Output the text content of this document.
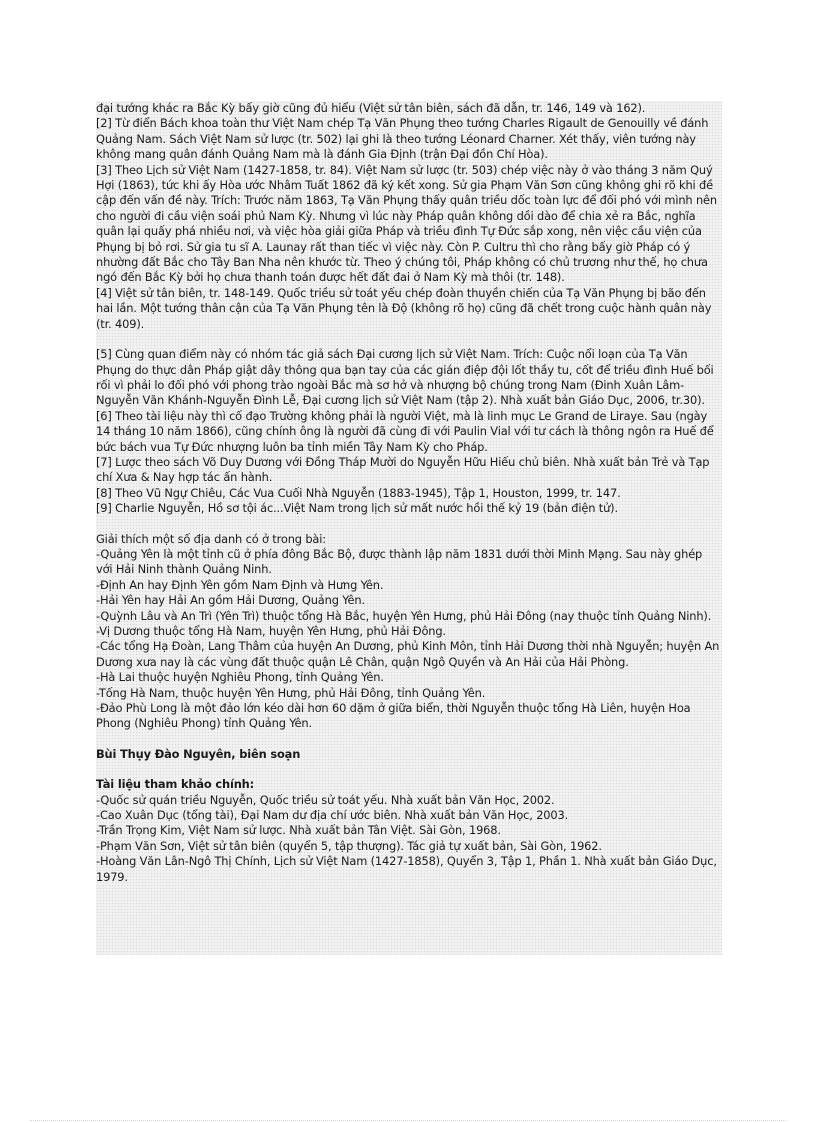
đại tướng khác ra Bắc Kỳ bấy giờ cũng đủ hiểu (Việt sử tân biên, sách đã dẫn, tr. 146, 149 và 162).

[2] Từ điển Bách khoa toàn thư Việt Nam chép Tạ Văn Phụng theo tướng Charles Rigault de Genouilly về đánh Quảng Nam. Sách Việt Nam sử lược (tr. 502) lại ghi là theo tướng Léonard Charner. Xét thấy, viên tướng này không mang quân đánh Quảng Nam mà là đánh Gia Định (trận Đại đồn Chí Hòa).

[3] Theo Lịch sử Việt Nam (1427-1858, tr. 84). Việt Nam sử lược (tr. 503) chép việc này ở vào tháng 3 năm Quý Hợi (1863), tức khi ấy Hòa ước Nhâm Tuất 1862 đã ký kết xong. Sử gia Phạm Văn Sơn cũng không ghi rõ khi đề cập đến vấn đề này. Trích: Trước năm 1863, Tạ Văn Phụng thấy quân triều dốc toàn lực để đối phó với mình nên cho người đi cầu viện soái phủ Nam Kỳ. Nhưng vì lúc này Pháp quân không dồi dào để chia xẻ ra Bắc, nghĩa quân lại quấy phá nhiều nơi, và việc hòa giải giữa Pháp và triều đình Tự Đức sắp xong, nên việc cầu viện của Phụng bị bỏ rơi. Sử gia tu sĩ A. Launay rất than tiếc vì việc này. Còn P. Cultru thì cho rằng bấy giờ Pháp có ý nhường đất Bắc cho Tây Ban Nha nên khước từ. Theo ý chúng tôi, Pháp không có chủ trương như thế, họ chưa ngó đến Bắc Kỳ bởi họ chưa thanh toán được hết đất đai ở Nam Kỳ mà thôi (tr. 148).

[4] Việt sử tân biên, tr. 148-149. Quốc triều sử toát yếu chép đoàn thuyền chiến của Tạ Văn Phụng bị bão đến hai lần. Một tướng thân cận của Tạ Văn Phụng tên là Độ (không rõ họ) cũng đã chết trong cuộc hành quân này (tr. 409).

[5] Cùng quan điểm này có nhóm tác giả sách Đại cương lịch sử Việt Nam. Trích: Cuộc nổi loạn của Tạ Văn Phụng do thực dân Pháp giật dây thông qua bạn tay của các gián điệp đội lốt thầy tu, cốt để triều đình Huế bối rối vì phải lo đối phó với phong trào ngoài Bắc mà sơ hở và nhượng bộ chúng trong Nam (Đinh Xuân Lâm-Nguyễn Văn Khánh-Nguyễn Đình Lễ, Đại cương lịch sử Việt Nam (tập 2). Nhà xuất bản Giáo Dục, 2006, tr.30).

[6] Theo tài liệu này thì cố đạo Trường không phải là người Việt, mà là linh mục Le Grand de Liraye. Sau (ngày 14 tháng 10 năm 1866), cũng chính ông là người đã cùng đi với Paulin Vial với tư cách là thông ngôn ra Huế để bức bách vua Tự Đức nhượng luôn ba tỉnh miền Tây Nam Kỳ cho Pháp.

[7] Lược theo sách Võ Duy Dương với Đồng Tháp Mười do Nguyễn Hữu Hiếu chủ biên. Nhà xuất bản Trẻ và Tạp chí Xưa & Nay hợp tác ấn hành.

[8] Theo Vũ Ngự Chiêu, Các Vua Cuối Nhà Nguyễn (1883-1945), Tập 1, Houston, 1999, tr. 147.

[9] Charlie Nguyễn, Hồ sơ tội ác...Việt Nam trong lịch sử mất nước hồi thế kỷ 19 (bản điện tử).

Giải thích một số địa danh có ở trong bài:

-Quảng Yên là một tỉnh cũ ở phía đông Bắc Bộ, được thành lập năm 1831 dưới thời Minh Mạng. Sau này ghép với Hải Ninh thành Quảng Ninh.

-Định An hay Định Yên gồm Nam Định và Hưng Yên.

-Hải Yên hay Hải An gồm Hải Dương, Quảng Yên.

-Quỳnh Lâu và An Trì (Yên Trì) thuộc tổng Hà Bắc, huyện Yên Hưng, phủ Hải Đông (nay thuộc tỉnh Quảng Ninh).

-Vị Dương thuộc tổng Hà Nam, huyện Yên Hưng, phủ Hải Đông.

-Các tổng Hạ Đoàn, Lang Thâm của huyện An Dương, phủ Kinh Môn, tỉnh Hải Dương thời nhà Nguyễn; huyện An Dương xưa nay là các vùng đất thuộc quận Lê Chân, quận Ngô Quyền và An Hải của Hải Phòng.

-Hà Lai thuộc huyện Nghiêu Phong, tỉnh Quảng Yên.

-Tống Hà Nam, thuộc huyện Yên Hưng, phủ Hải Đông, tỉnh Quảng Yên.

-Đảo Phù Long là một đảo lớn kéo dài hơn 60 dặm ở giữa biển, thời Nguyễn thuộc tổng Hà Liên, huyện Hoa Phong (Nghiêu Phong) tỉnh Quảng Yên.

Bùi Thụy Đào Nguyên, biên soạn

Tài liệu tham khảo chính:

-Quốc sử quán triều Nguyễn, Quốc triều sử toát yếu. Nhà xuất bản Văn Học, 2002.

-Cao Xuân Dục (tổng tài), Đại Nam dư địa chí ước biên. Nhà xuất bản Văn Học, 2003.

-Trần Trọng Kim, Việt Nam sử lược. Nhà xuất bản Tân Việt. Sài Gòn, 1968.

-Phạm Văn Sơn, Việt sử tân biên (quyển 5, tập thượng). Tác giả tự xuất bản, Sài Gòn, 1962.

-Hoàng Văn Lân-Ngô Thị Chính, Lịch sử Việt Nam (1427-1858), Quyển 3, Tập 1, Phần 1. Nhà xuất bản Giáo Dục, 1979.
